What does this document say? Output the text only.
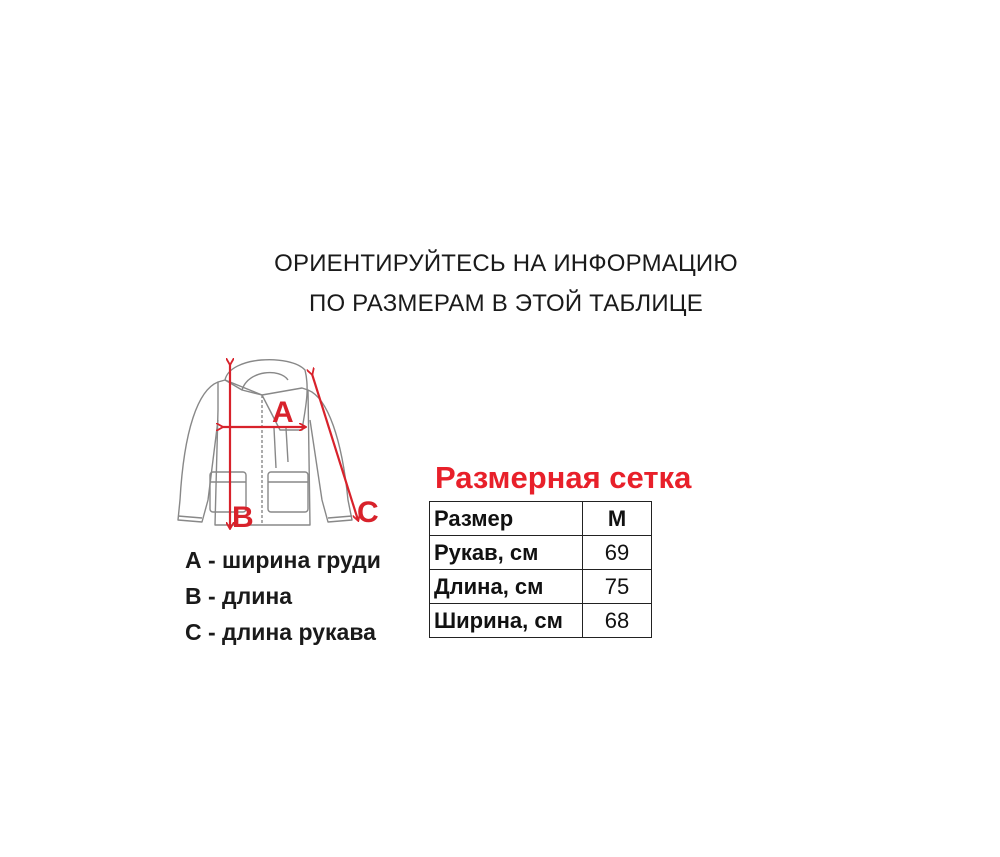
ОРИЕНТИРУЙТЕСЬ НА ИНФОРМАЦИЮ
ПО РАЗМЕРАМ В ЭТОЙ ТАБЛИЦЕ
A
B	C
А - ширина груди
В - длина
С - длина рукава
Размерная сетка
Размер	M
Рукав, см	69
Длина, см	75
Ширина, см	68
